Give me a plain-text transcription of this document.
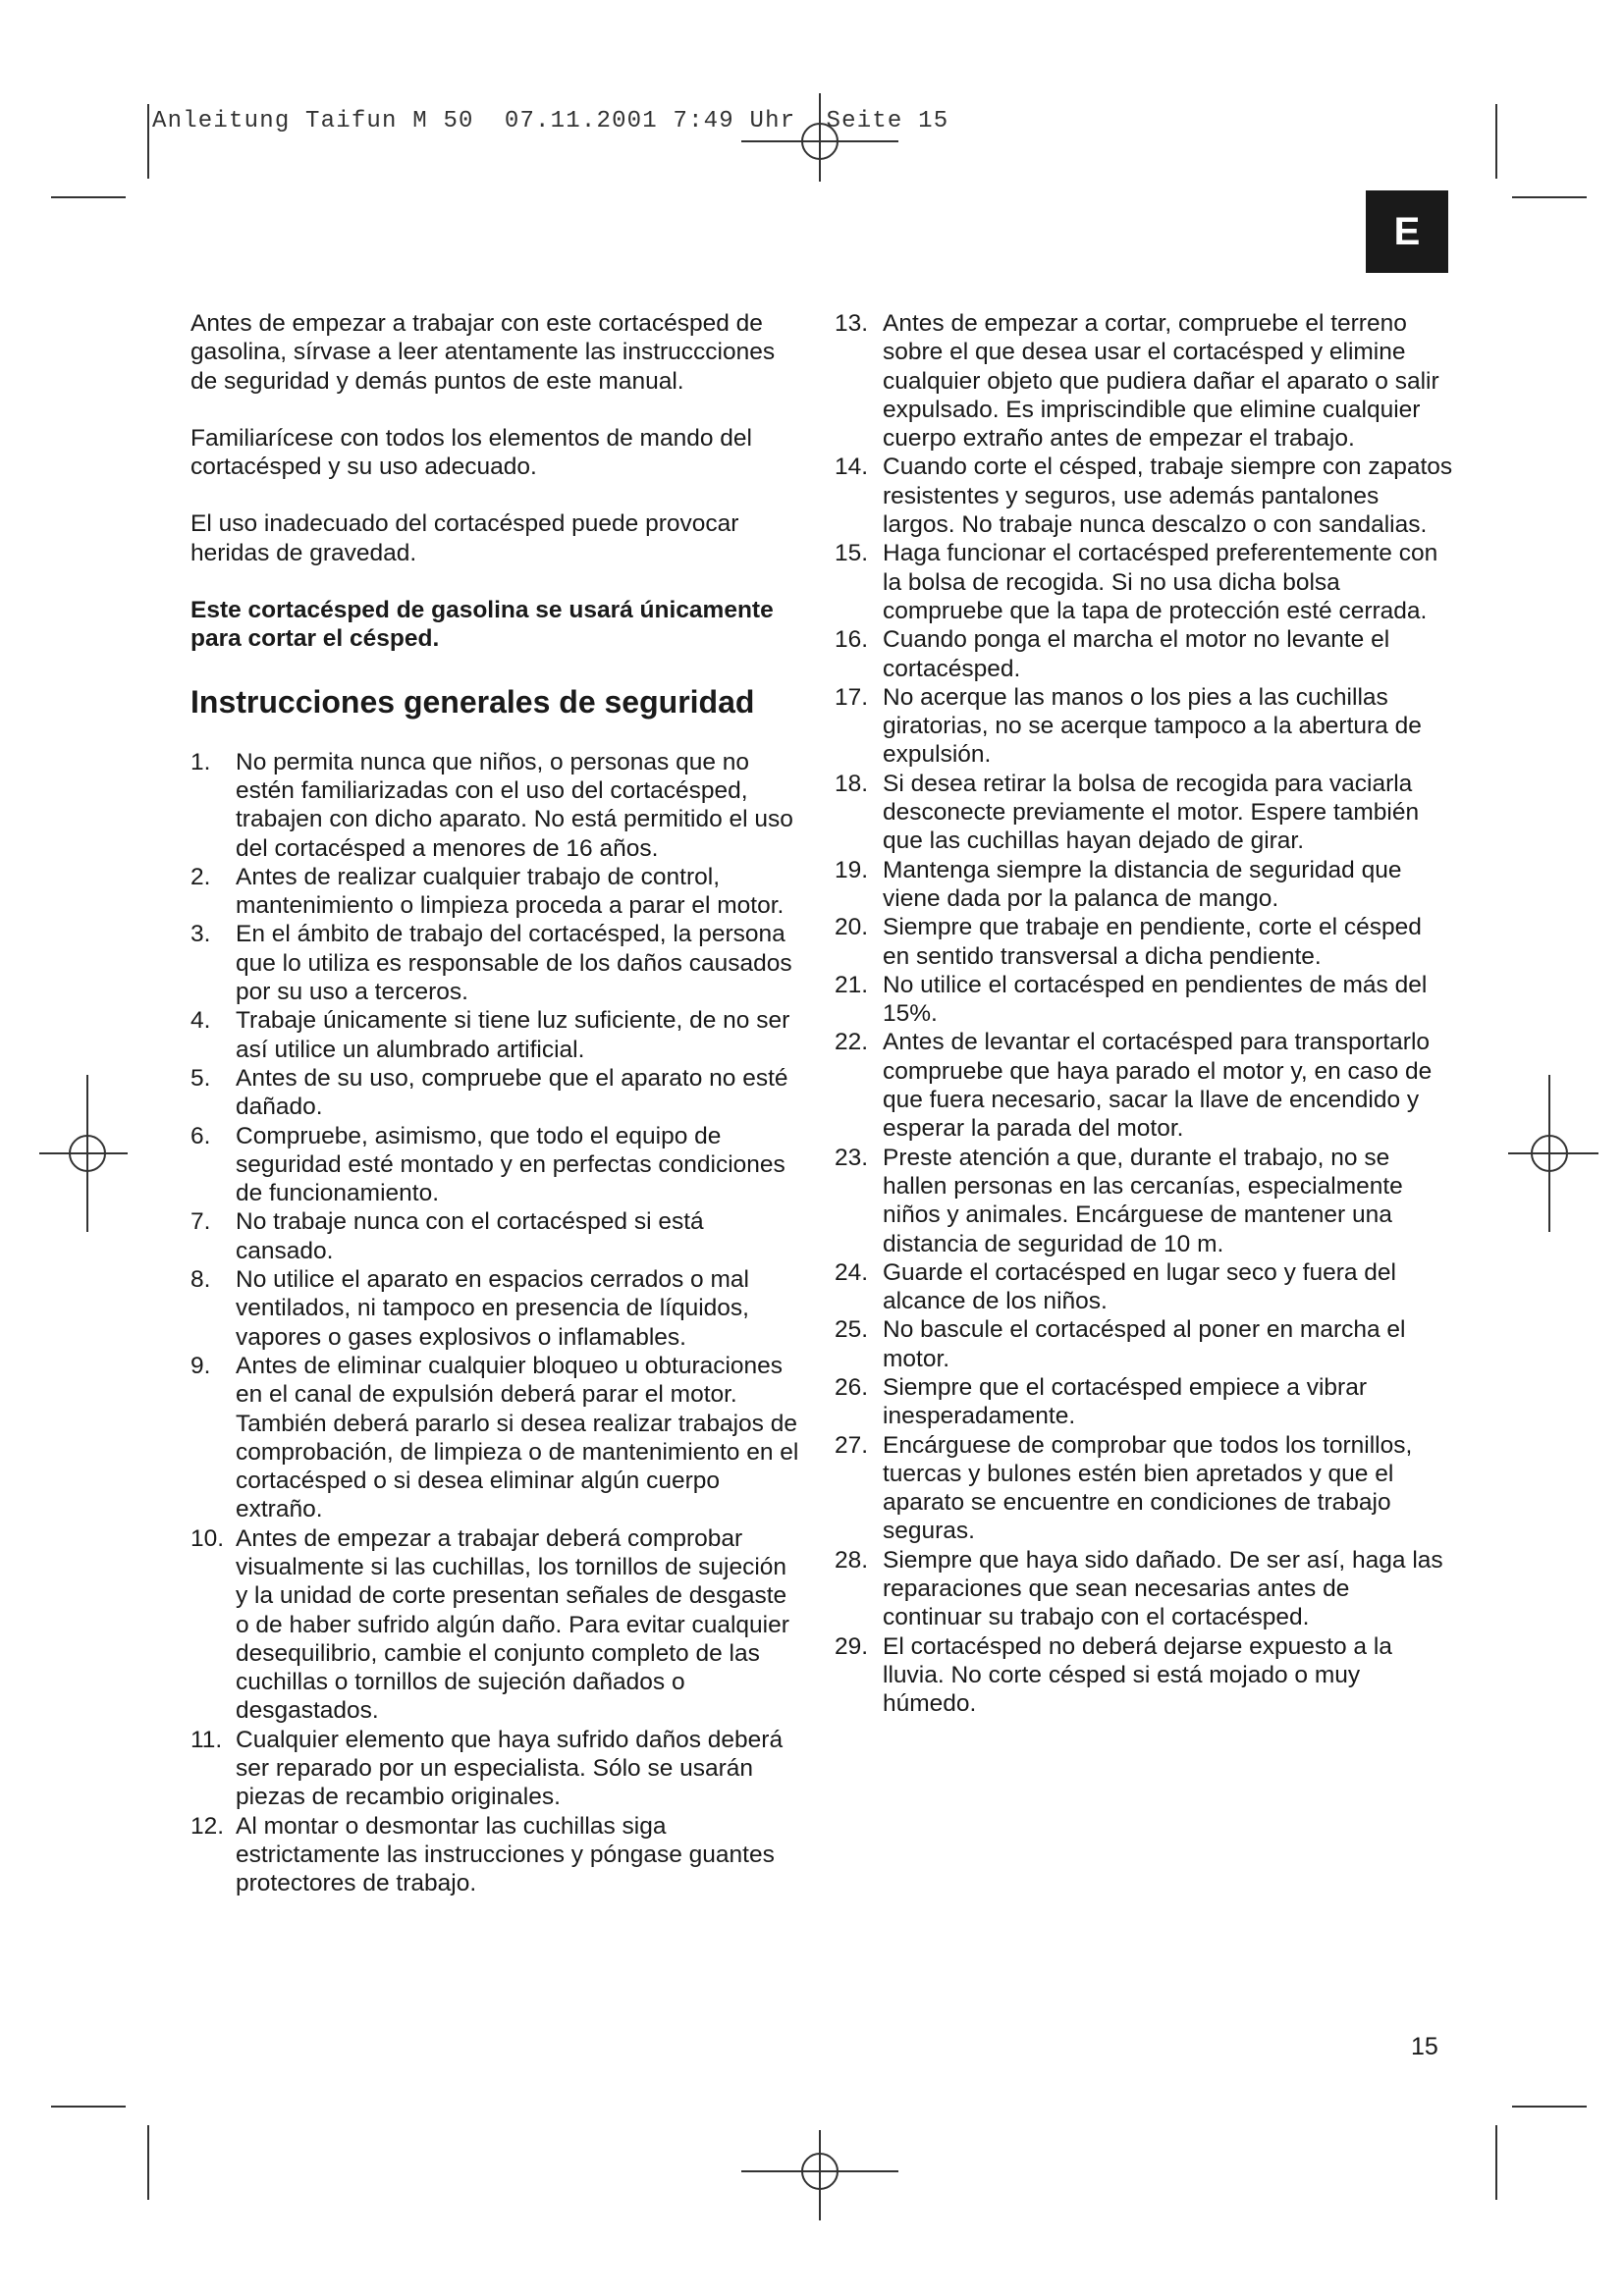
Anleitung Taifun M 50  07.11.2001 7:49 Uhr  Seite 15
E

Antes de empezar a trabajar con este cortacésped de gasolina, sírvase a leer atentamente las instruccciones de seguridad y demás puntos de este manual.

Familiarícese con todos los elementos de mando del cortacésped y su uso adecuado.

El uso inadecuado del cortacésped puede provocar heridas de gravedad.

Este cortacésped de gasolina se usará únicamente para cortar el césped.

Instrucciones generales de seguridad
1. No permita nunca que niños, o personas que no estén familiarizadas con el uso del cortacésped, trabajen con dicho aparato. No está permitido el uso del cortacésped a menores de 16 años.
2. Antes de realizar cualquier trabajo de control, mantenimiento o limpieza proceda a parar el motor.
3. En el ámbito de trabajo del cortacésped, la persona que lo utiliza es responsable de los daños causados por su uso a terceros.
4. Trabaje únicamente si tiene luz suficiente, de no ser así utilice un alumbrado artificial.
5. Antes de su uso, compruebe que el aparato no esté dañado.
6. Compruebe, asimismo, que todo el equipo de seguridad esté montado y en perfectas condiciones de funcionamiento.
7. No trabaje nunca con el cortacésped si está cansado.
8. No utilice el aparato en espacios cerrados o mal ventilados, ni tampoco en presencia de líquidos, vapores o gases explosivos o inflamables.
9. Antes de eliminar cualquier bloqueo u obturaciones en el canal de expulsión deberá parar el motor. También deberá pararlo si desea realizar trabajos de comprobación, de limpieza o de mantenimiento en el cortacésped o si desea eliminar algún cuerpo extraño.
10. Antes de empezar a trabajar deberá comprobar visualmente si las cuchillas, los tornillos de sujeción y la unidad de corte presentan señales de desgaste o de haber sufrido algún daño. Para evitar cualquier desequilibrio, cambie el conjunto completo de las cuchillas o tornillos de sujeción dañados o desgastados.
11. Cualquier elemento que haya sufrido daños deberá ser reparado por un especialista. Sólo se usarán piezas de recambio originales.
12. Al montar o desmontar las cuchillas siga estrictamente las instrucciones y póngase guantes protectores de trabajo.
13. Antes de empezar a cortar, compruebe el terreno sobre el que desea usar el cortacésped y elimine cualquier objeto que pudiera dañar el aparato o salir expulsado. Es impriscindible que elimine cualquier cuerpo extraño antes de empezar el trabajo.
14. Cuando corte el césped, trabaje siempre con zapatos resistentes y seguros, use además pantalones largos. No trabaje nunca descalzo o con sandalias.
15. Haga funcionar el cortacésped preferentemente con la bolsa de recogida. Si no usa dicha bolsa compruebe que la tapa de protección esté cerrada.
16. Cuando ponga el marcha el motor no levante el cortacésped.
17. No acerque las manos o los pies a las cuchillas giratorias, no se acerque tampoco a la abertura de expulsión.
18. Si desea retirar la bolsa de recogida para vaciarla desconecte previamente el motor. Espere también que las cuchillas hayan dejado de girar.
19. Mantenga siempre la distancia de seguridad que viene dada por la palanca de mango.
20. Siempre que trabaje en pendiente, corte el césped en sentido transversal a dicha pendiente.
21. No utilice el cortacésped en pendientes de más del 15%.
22. Antes de levantar el cortacésped para transportarlo compruebe que haya parado el motor y, en caso de que fuera necesario, sacar la llave de encendido y esperar la parada del motor.
23. Preste atención a que, durante el trabajo, no se hallen personas en las cercanías, especialmente niños y animales. Encárguese de mantener una distancia de seguridad de 10 m.
24. Guarde el cortacésped en lugar seco y fuera del alcance de los niños.
25. No bascule el cortacésped al poner en marcha el motor.
26. Siempre que el cortacésped empiece a vibrar inesperadamente.
27. Encárguese de comprobar que todos los tornillos, tuercas y bulones estén bien apretados y que el aparato se encuentre en condiciones de trabajo seguras.
28. Siempre que haya sido dañado. De ser así, haga las reparaciones que sean necesarias antes de continuar su trabajo con el cortacésped.
29. El cortacésped no deberá dejarse expuesto a la lluvia. No corte césped si está mojado o muy húmedo.
15
